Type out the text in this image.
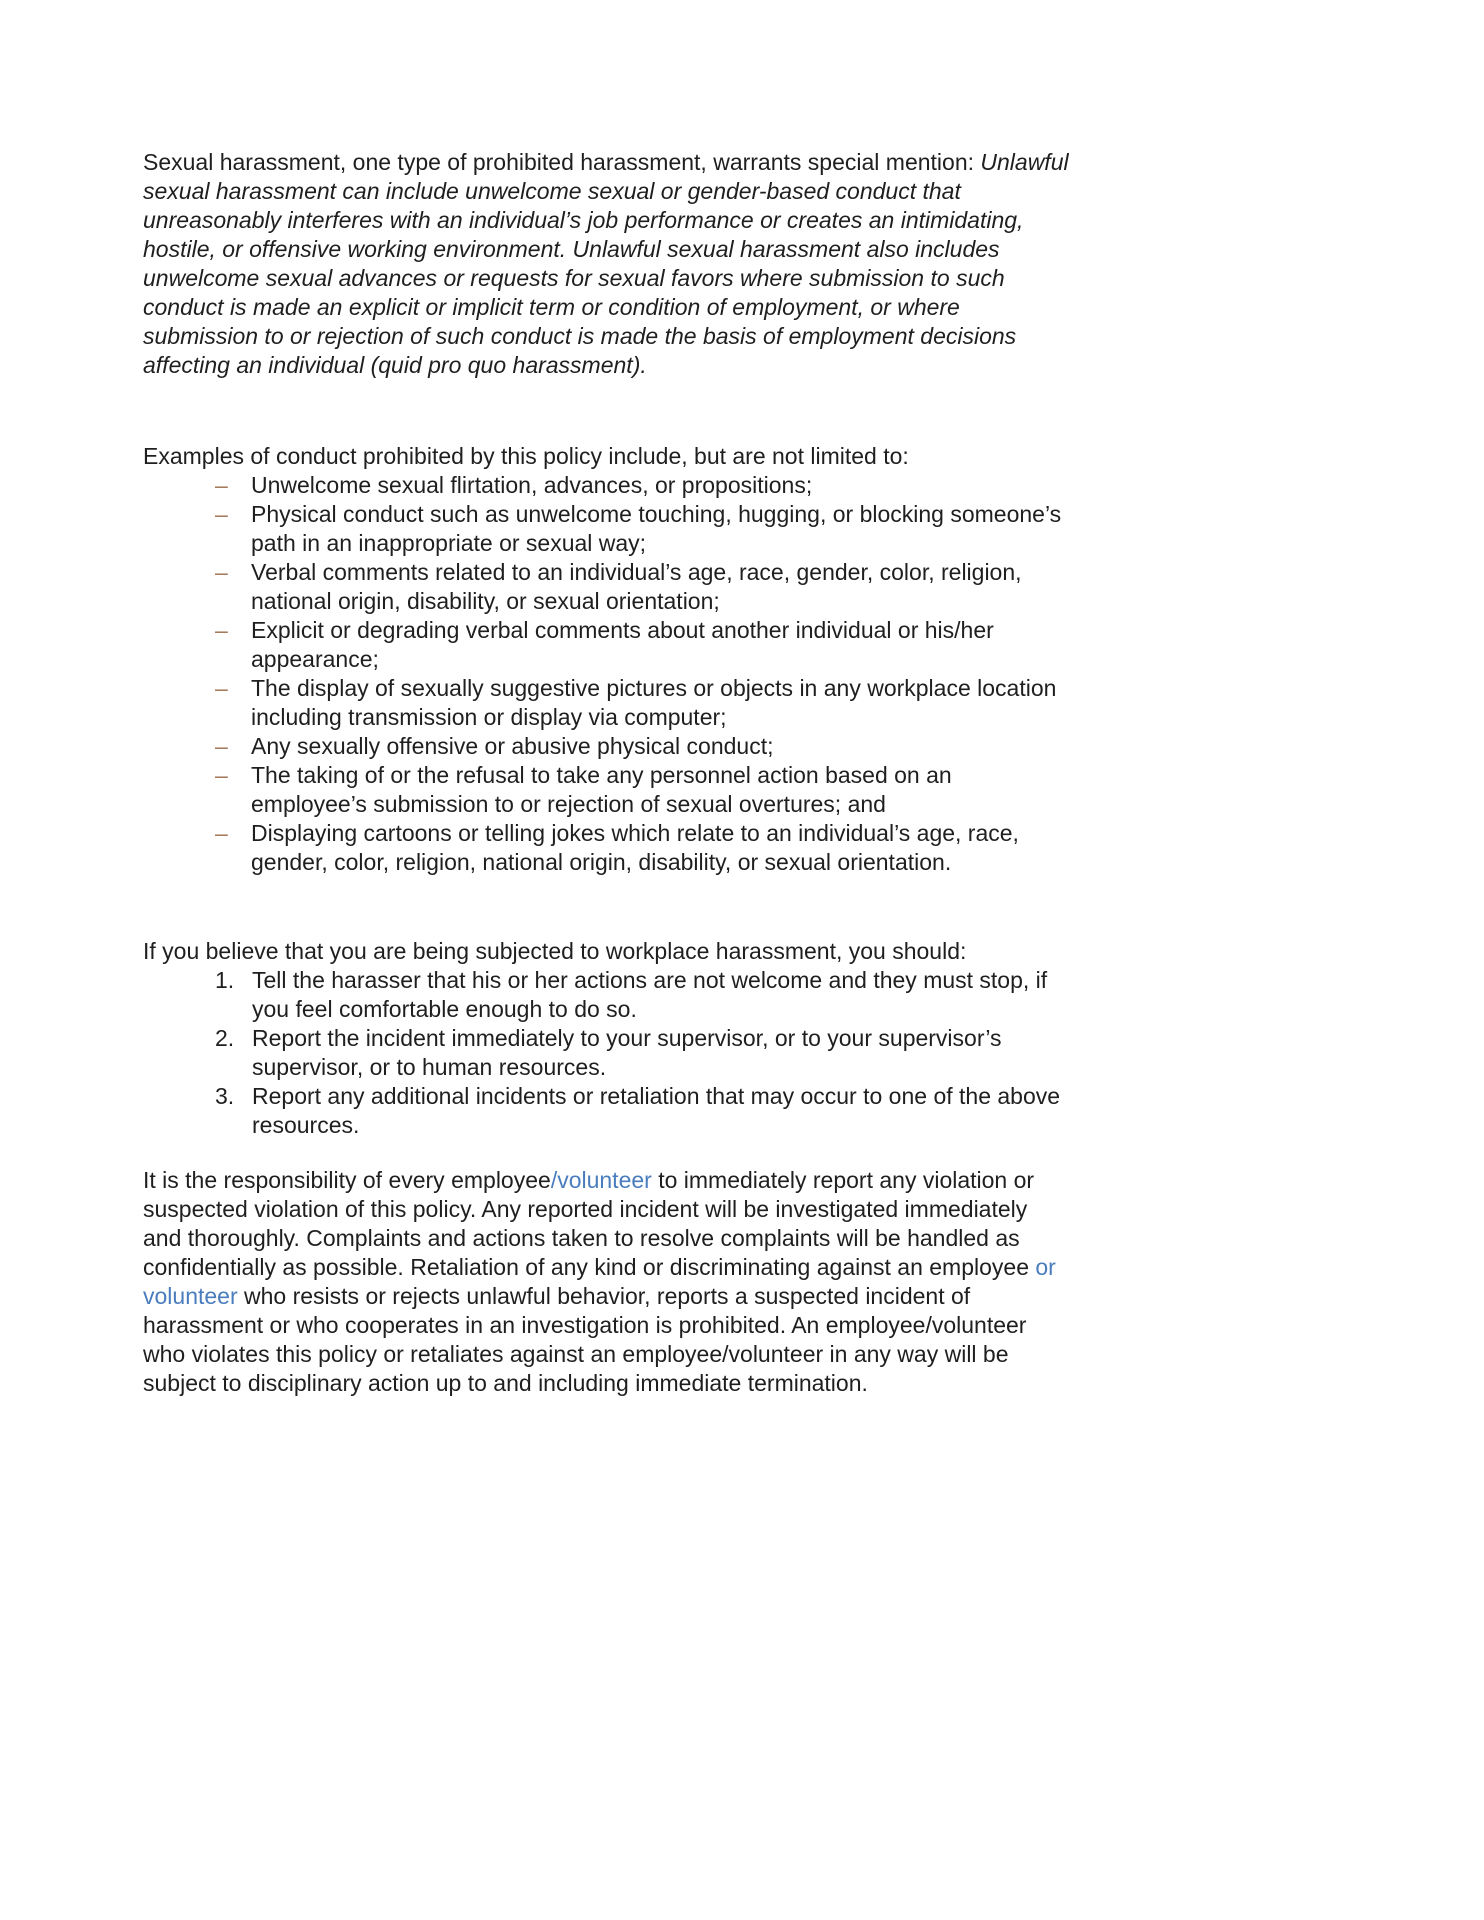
Sexual harassment, one type of prohibited harassment, warrants special mention: Unlawful sexual harassment can include unwelcome sexual or gender-based conduct that unreasonably interferes with an individual’s job performance or creates an intimidating, hostile, or offensive working environment. Unlawful sexual harassment also includes unwelcome sexual advances or requests for sexual favors where submission to such conduct is made an explicit or implicit term or condition of employment, or where submission to or rejection of such conduct is made the basis of employment decisions affecting an individual (quid pro quo harassment).

Examples of conduct prohibited by this policy include, but are not limited to:

–	Unwelcome sexual flirtation, advances, or propositions;
–	Physical conduct such as unwelcome touching, hugging, or blocking someone’s path in an inappropriate or sexual way;
–	Verbal comments related to an individual’s age, race, gender, color, religion, national origin, disability, or sexual orientation;
–	Explicit or degrading verbal comments about another individual or his/her appearance;
–	The display of sexually suggestive pictures or objects in any workplace location including transmission or display via computer;
–	Any sexually offensive or abusive physical conduct;
–	The taking of or the refusal to take any personnel action based on an employee’s submission to or rejection of sexual overtures; and
–	Displaying cartoons or telling jokes which relate to an individual’s age, race, gender, color, religion, national origin, disability, or sexual orientation.

If you believe that you are being subjected to workplace harassment, you should:

1. Tell the harasser that his or her actions are not welcome and they must stop, if you feel comfortable enough to do so.
2. Report the incident immediately to your supervisor, or to your supervisor’s supervisor, or to human resources.
3. Report any additional incidents or retaliation that may occur to one of the above resources.

It is the responsibility of every employee/volunteer to immediately report any violation or suspected violation of this policy. Any reported incident will be investigated immediately and thoroughly. Complaints and actions taken to resolve complaints will be handled as confidentially as possible. Retaliation of any kind or discriminating against an employee or volunteer who resists or rejects unlawful behavior, reports a suspected incident of harassment or who cooperates in an investigation is prohibited. An employee/volunteer who violates this policy or retaliates against an employee/volunteer in any way will be subject to disciplinary action up to and including immediate termination.
